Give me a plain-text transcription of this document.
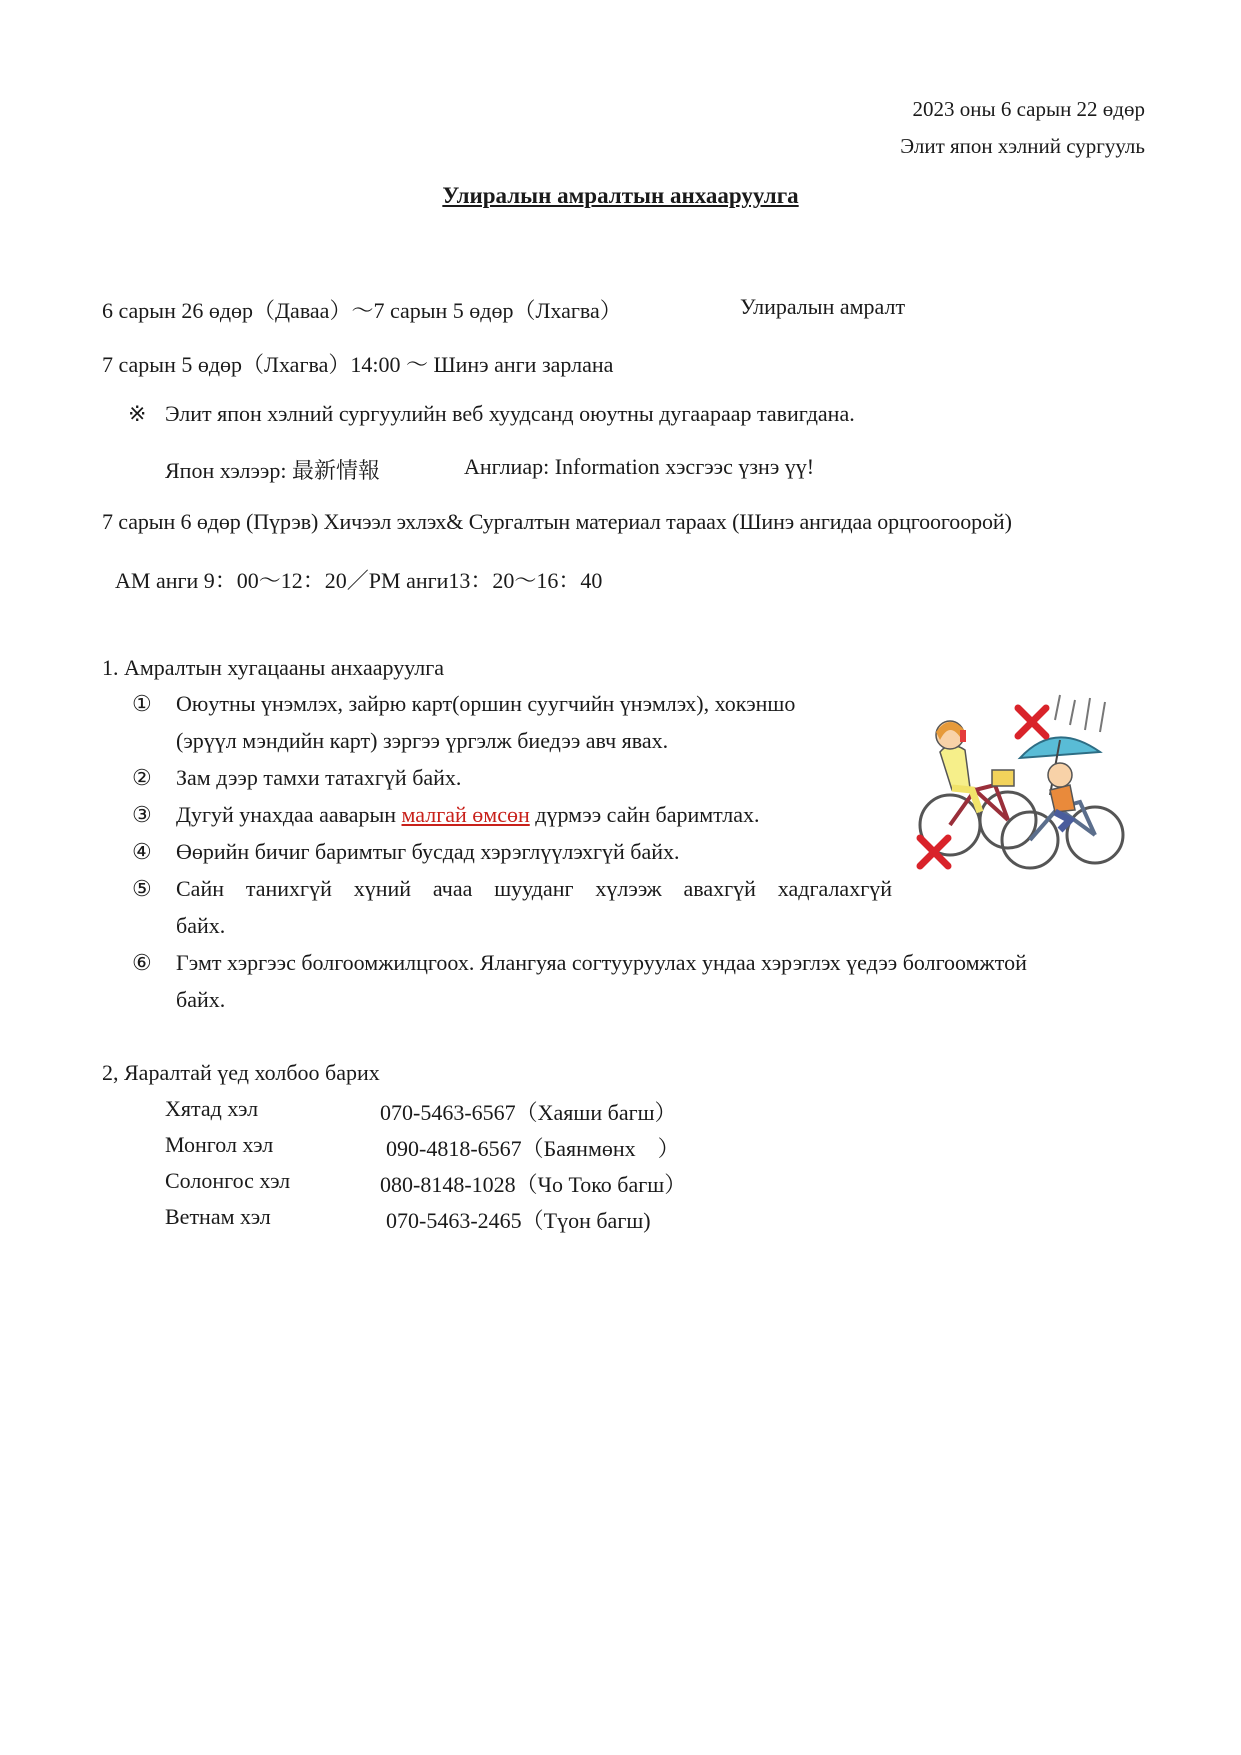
2023 оны 6 сарын 22 өдөр
Элит япон хэлний сургууль
Улиралын амралтын анхааруулга
6 сарын 26 өдөр（Даваа）～7 сарын 5 өдөр（Лхагва）	Улиралын амралт
7 сарын 5 өдөр（Лхагва）14:00 ～ Шинэ анги зарлана
※ Элит япон хэлний сургуулийн веб хуудсанд оюутны дугаараар тавигдана.
Япон хэлээр: 最新情報	Англиар: Information хэсгээс үзнэ үү!
7 сарын 6 өдөр (Пүрэв) Хичээл эхлэх& Сургалтын материал тараах (Шинэ ангидаа орцгоогоорой)
AM анги 9：00～12：20／PM анги13：20～16：40
1. Амралтын хугацааны анхааруулга
①	Оюутны үнэмлэх, зайрю карт(оршин суугчийн үнэмлэх), хокэншо
(эрүүл мэндийн карт) зэргээ үргэлж биедээ авч явах.
②	Зам дээр тамхи татахгүй байх.
③	Дугуй унахдаа ааварын малгай өмсөн дүрмээ сайн баримтлах.
④	Өөрийн бичиг баримтыг бусдад хэрэглүүлэхгүй байх.
⑤	Сайн танихгүй хүний ачаа шууданг хүлээж авахгүй хадгалахгүй
байх.
⑥	Гэмт хэргээс болгоомжилцгоох. Ялангуяа согтууруулах ундаа хэрэглэх үедээ болгоомжтой
байх.
2, Яаралтай үед холбоо барих
Хятад хэл	070-5463-6567（Хаяши багш）
Монгол хэл	090-4818-6567（Баянмөнх　）
Солонгос хэл	080-8148-1028（Чо Токо багш）
Ветнам хэл	070-5463-2465（Түон багш)
